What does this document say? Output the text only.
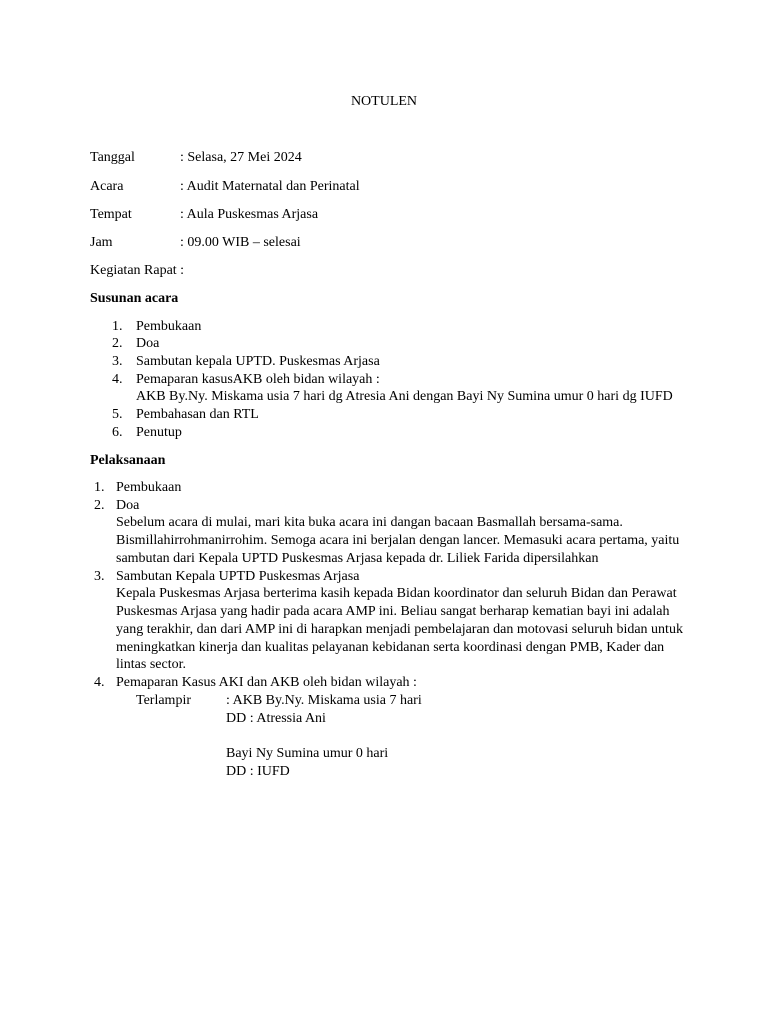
NOTULEN
Tanggal	: Selasa, 27 Mei 2024
Acara	: Audit Maternatal dan Perinatal
Tempat	: Aula Puskesmas Arjasa
Jam	: 09.00 WIB – selesai
Kegiatan Rapat :
Susunan acara
1. Pembukaan
2. Doa
3. Sambutan kepala UPTD. Puskesmas Arjasa
4. Pemaparan kasusAKB oleh bidan wilayah :
AKB By.Ny. Miskama usia 7 hari dg Atresia Ani dengan Bayi Ny Sumina umur 0 hari dg IUFD
5. Pembahasan dan RTL
6. Penutup
Pelaksanaan
1. Pembukaan
2. Doa
Sebelum acara di mulai, mari kita buka acara ini dangan bacaan Basmallah bersama-sama.
Bismillahirrohmanirrohim. Semoga acara ini berjalan dengan lancer. Memasuki acara pertama, yaitu
sambutan dari Kepala UPTD Puskesmas Arjasa kepada dr. Liliek Farida dipersilahkan
3. Sambutan Kepala UPTD Puskesmas Arjasa
Kepala Puskesmas Arjasa berterima kasih kepada Bidan koordinator dan seluruh Bidan dan Perawat
Puskesmas Arjasa yang hadir pada acara AMP ini. Beliau sangat berharap kematian bayi ini adalah
yang terakhir, dan dari AMP ini di harapkan menjadi pembelajaran dan motovasi seluruh bidan untuk
meningkatkan kinerja dan kualitas pelayanan kebidanan serta koordinasi dengan PMB, Kader dan
lintas sector.
4. Pemaparan Kasus AKI dan AKB oleh bidan wilayah :
Terlampir	: AKB By.Ny. Miskama usia 7 hari
DD : Atressia Ani
Bayi Ny Sumina umur 0 hari
DD : IUFD
